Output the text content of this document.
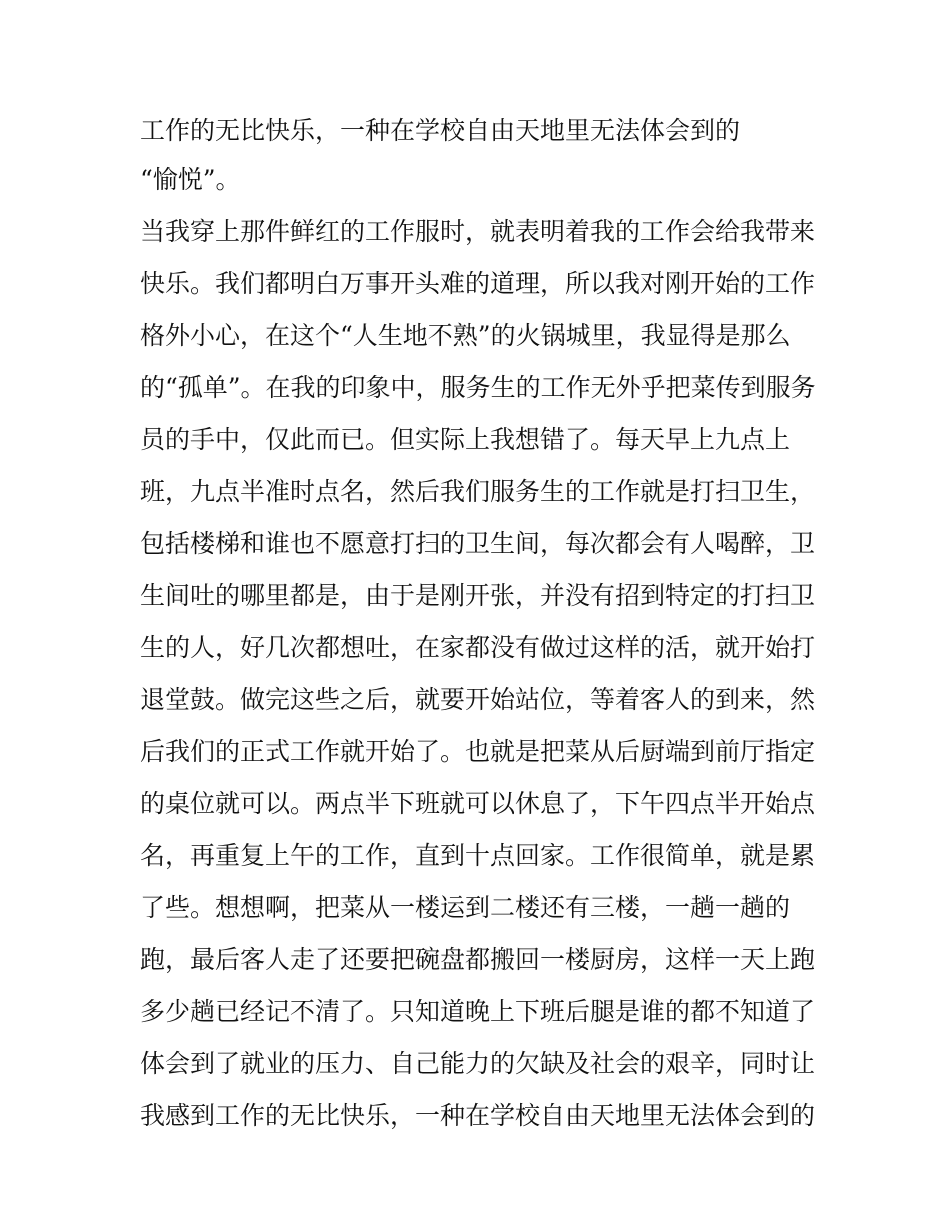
工作的无比快乐，一种在学校自由天地里无法体会到的
“愉悦”。
当我穿上那件鲜红的工作服时，就表明着我的工作会给我带来
快乐。我们都明白万事开头难的道理，所以我对刚开始的工作
格外小心，在这个“人生地不熟”的火锅城里，我显得是那么
的“孤单”。在我的印象中，服务生的工作无外乎把菜传到服务
员的手中，仅此而已。但实际上我想错了。每天早上九点上
班，九点半准时点名，然后我们服务生的工作就是打扫卫生，
包括楼梯和谁也不愿意打扫的卫生间，每次都会有人喝醉，卫
生间吐的哪里都是，由于是刚开张，并没有招到特定的打扫卫
生的人，好几次都想吐，在家都没有做过这样的活，就开始打
退堂鼓。做完这些之后，就要开始站位，等着客人的到来，然
后我们的正式工作就开始了。也就是把菜从后厨端到前厅指定
的桌位就可以。两点半下班就可以休息了，下午四点半开始点
名，再重复上午的工作，直到十点回家。工作很简单，就是累
了些。想想啊，把菜从一楼运到二楼还有三楼，一趟一趟的
跑，最后客人走了还要把碗盘都搬回一楼厨房，这样一天上跑
多少趟已经记不清了。只知道晚上下班后腿是谁的都不知道了
体会到了就业的压力、自己能力的欠缺及社会的艰辛，同时让
我感到工作的无比快乐，一种在学校自由天地里无法体会到的
